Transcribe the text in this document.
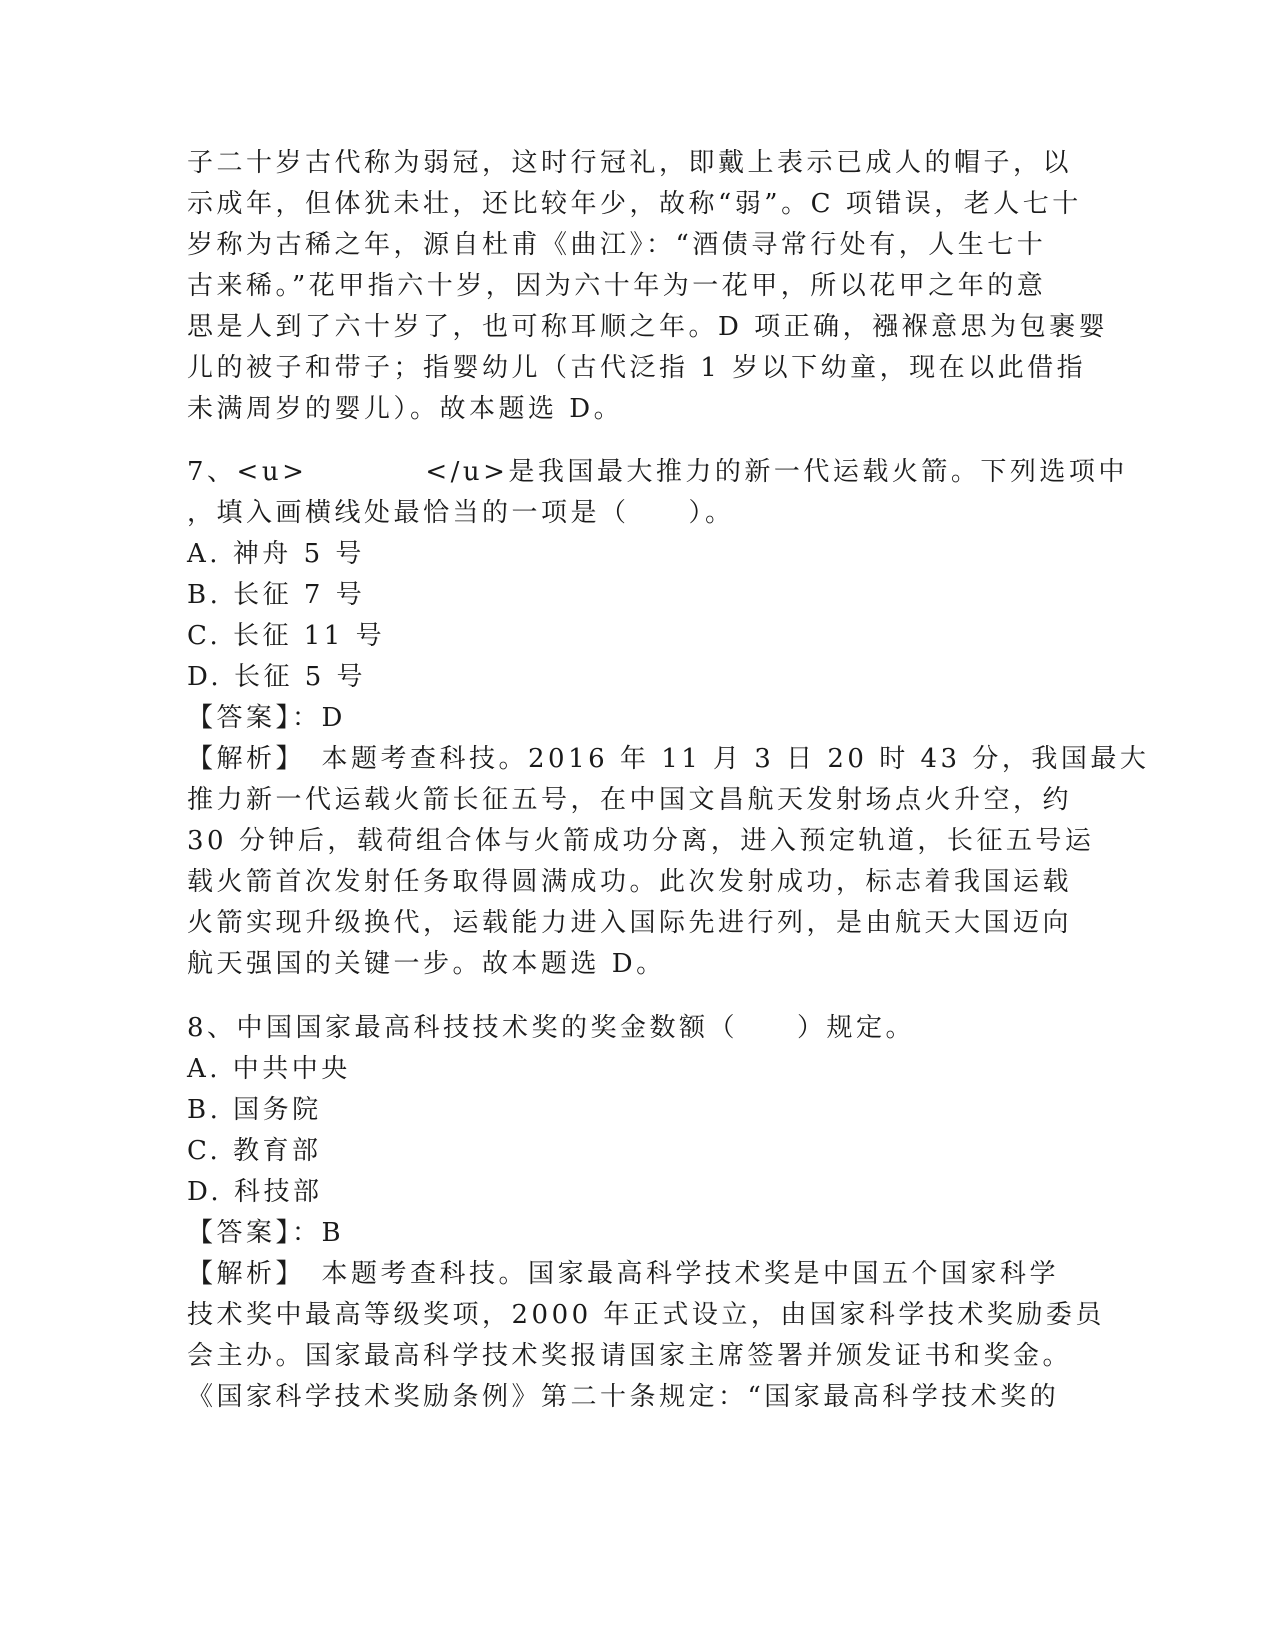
子二十岁古代称为弱冠，这时行冠礼，即戴上表示已成人的帽子，以
示成年，但体犹未壮，还比较年少，故称“弱”。C 项错误，老人七十
岁称为古稀之年，源自杜甫《曲江》：“酒债寻常行处有，人生七十
古来稀。”花甲指六十岁，因为六十年为一花甲，所以花甲之年的意
思是人到了六十岁了，也可称耳顺之年。D 项正确，襁褓意思为包裹婴
儿的被子和带子；指婴幼儿（古代泛指 1 岁以下幼童，现在以此借指
未满周岁的婴儿）。故本题选 D。
7、<u>　　　　</u>是我国最大推力的新一代运载火箭。下列选项中
，填入画横线处最恰当的一项是（　　）。
A. 神舟 5 号
B. 长征 7 号
C. 长征 11 号
D. 长征 5 号
【答案】：D
【解析】　本题考查科技。2016 年 11 月 3 日 20 时 43 分，我国最大
推力新一代运载火箭长征五号，在中国文昌航天发射场点火升空，约
30 分钟后，载荷组合体与火箭成功分离，进入预定轨道，长征五号运
载火箭首次发射任务取得圆满成功。此次发射成功，标志着我国运载
火箭实现升级换代，运载能力进入国际先进行列，是由航天大国迈向
航天强国的关键一步。故本题选 D。
8、中国国家最高科技技术奖的奖金数额（　　）规定。
A. 中共中央
B. 国务院
C. 教育部
D. 科技部
【答案】：B
【解析】　本题考查科技。国家最高科学技术奖是中国五个国家科学
技术奖中最高等级奖项，2000 年正式设立，由国家科学技术奖励委员
会主办。国家最高科学技术奖报请国家主席签署并颁发证书和奖金。
《国家科学技术奖励条例》第二十条规定：“国家最高科学技术奖的
